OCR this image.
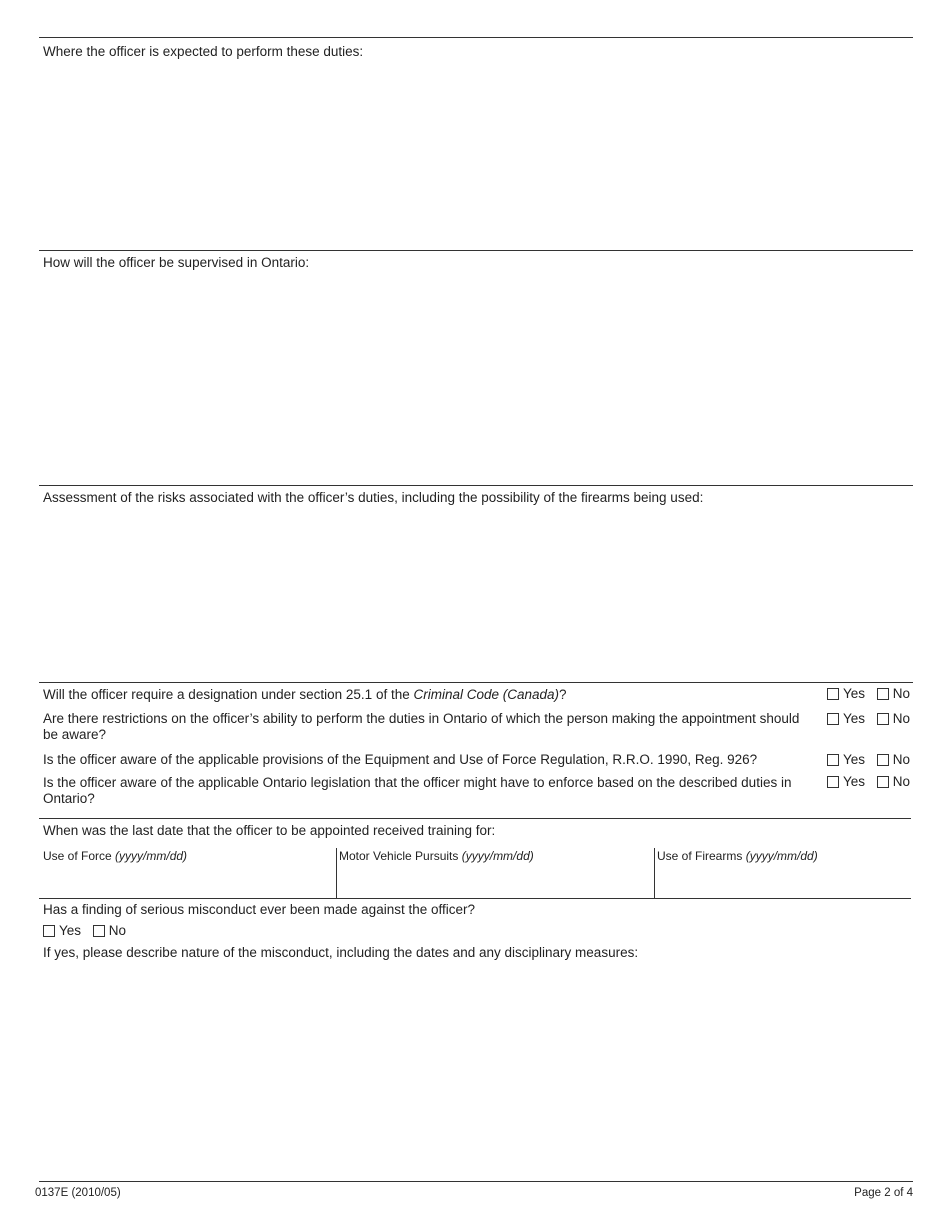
Where the officer is expected to perform these duties:
How will the officer be supervised in Ontario:
Assessment of the risks associated with the officer’s duties, including the possibility of the firearms being used:
Will the officer require a designation under section 25.1 of the Criminal Code (Canada)?	Yes No
Are there restrictions on the officer’s ability to perform the duties in Ontario of which the person making the appointment should be aware?
Yes No
Is the officer aware of the applicable provisions of the Equipment and Use of Force Regulation, R.R.O. 1990, Reg. 926?	Yes No
Is the officer aware of the applicable Ontario legislation that the officer might have to enforce based on the described duties in Ontario?
Yes No
When was the last date that the officer to be appointed received training for:
Use of Force (yyyy/mm/dd)	Motor Vehicle Pursuits (yyyy/mm/dd)	Use of Firearms (yyyy/mm/dd)
Has a finding of serious misconduct ever been made against the officer?
Yes No
If yes, please describe nature of the misconduct, including the dates and any disciplinary measures:
0137E (2010/05)	Page 2 of 4
